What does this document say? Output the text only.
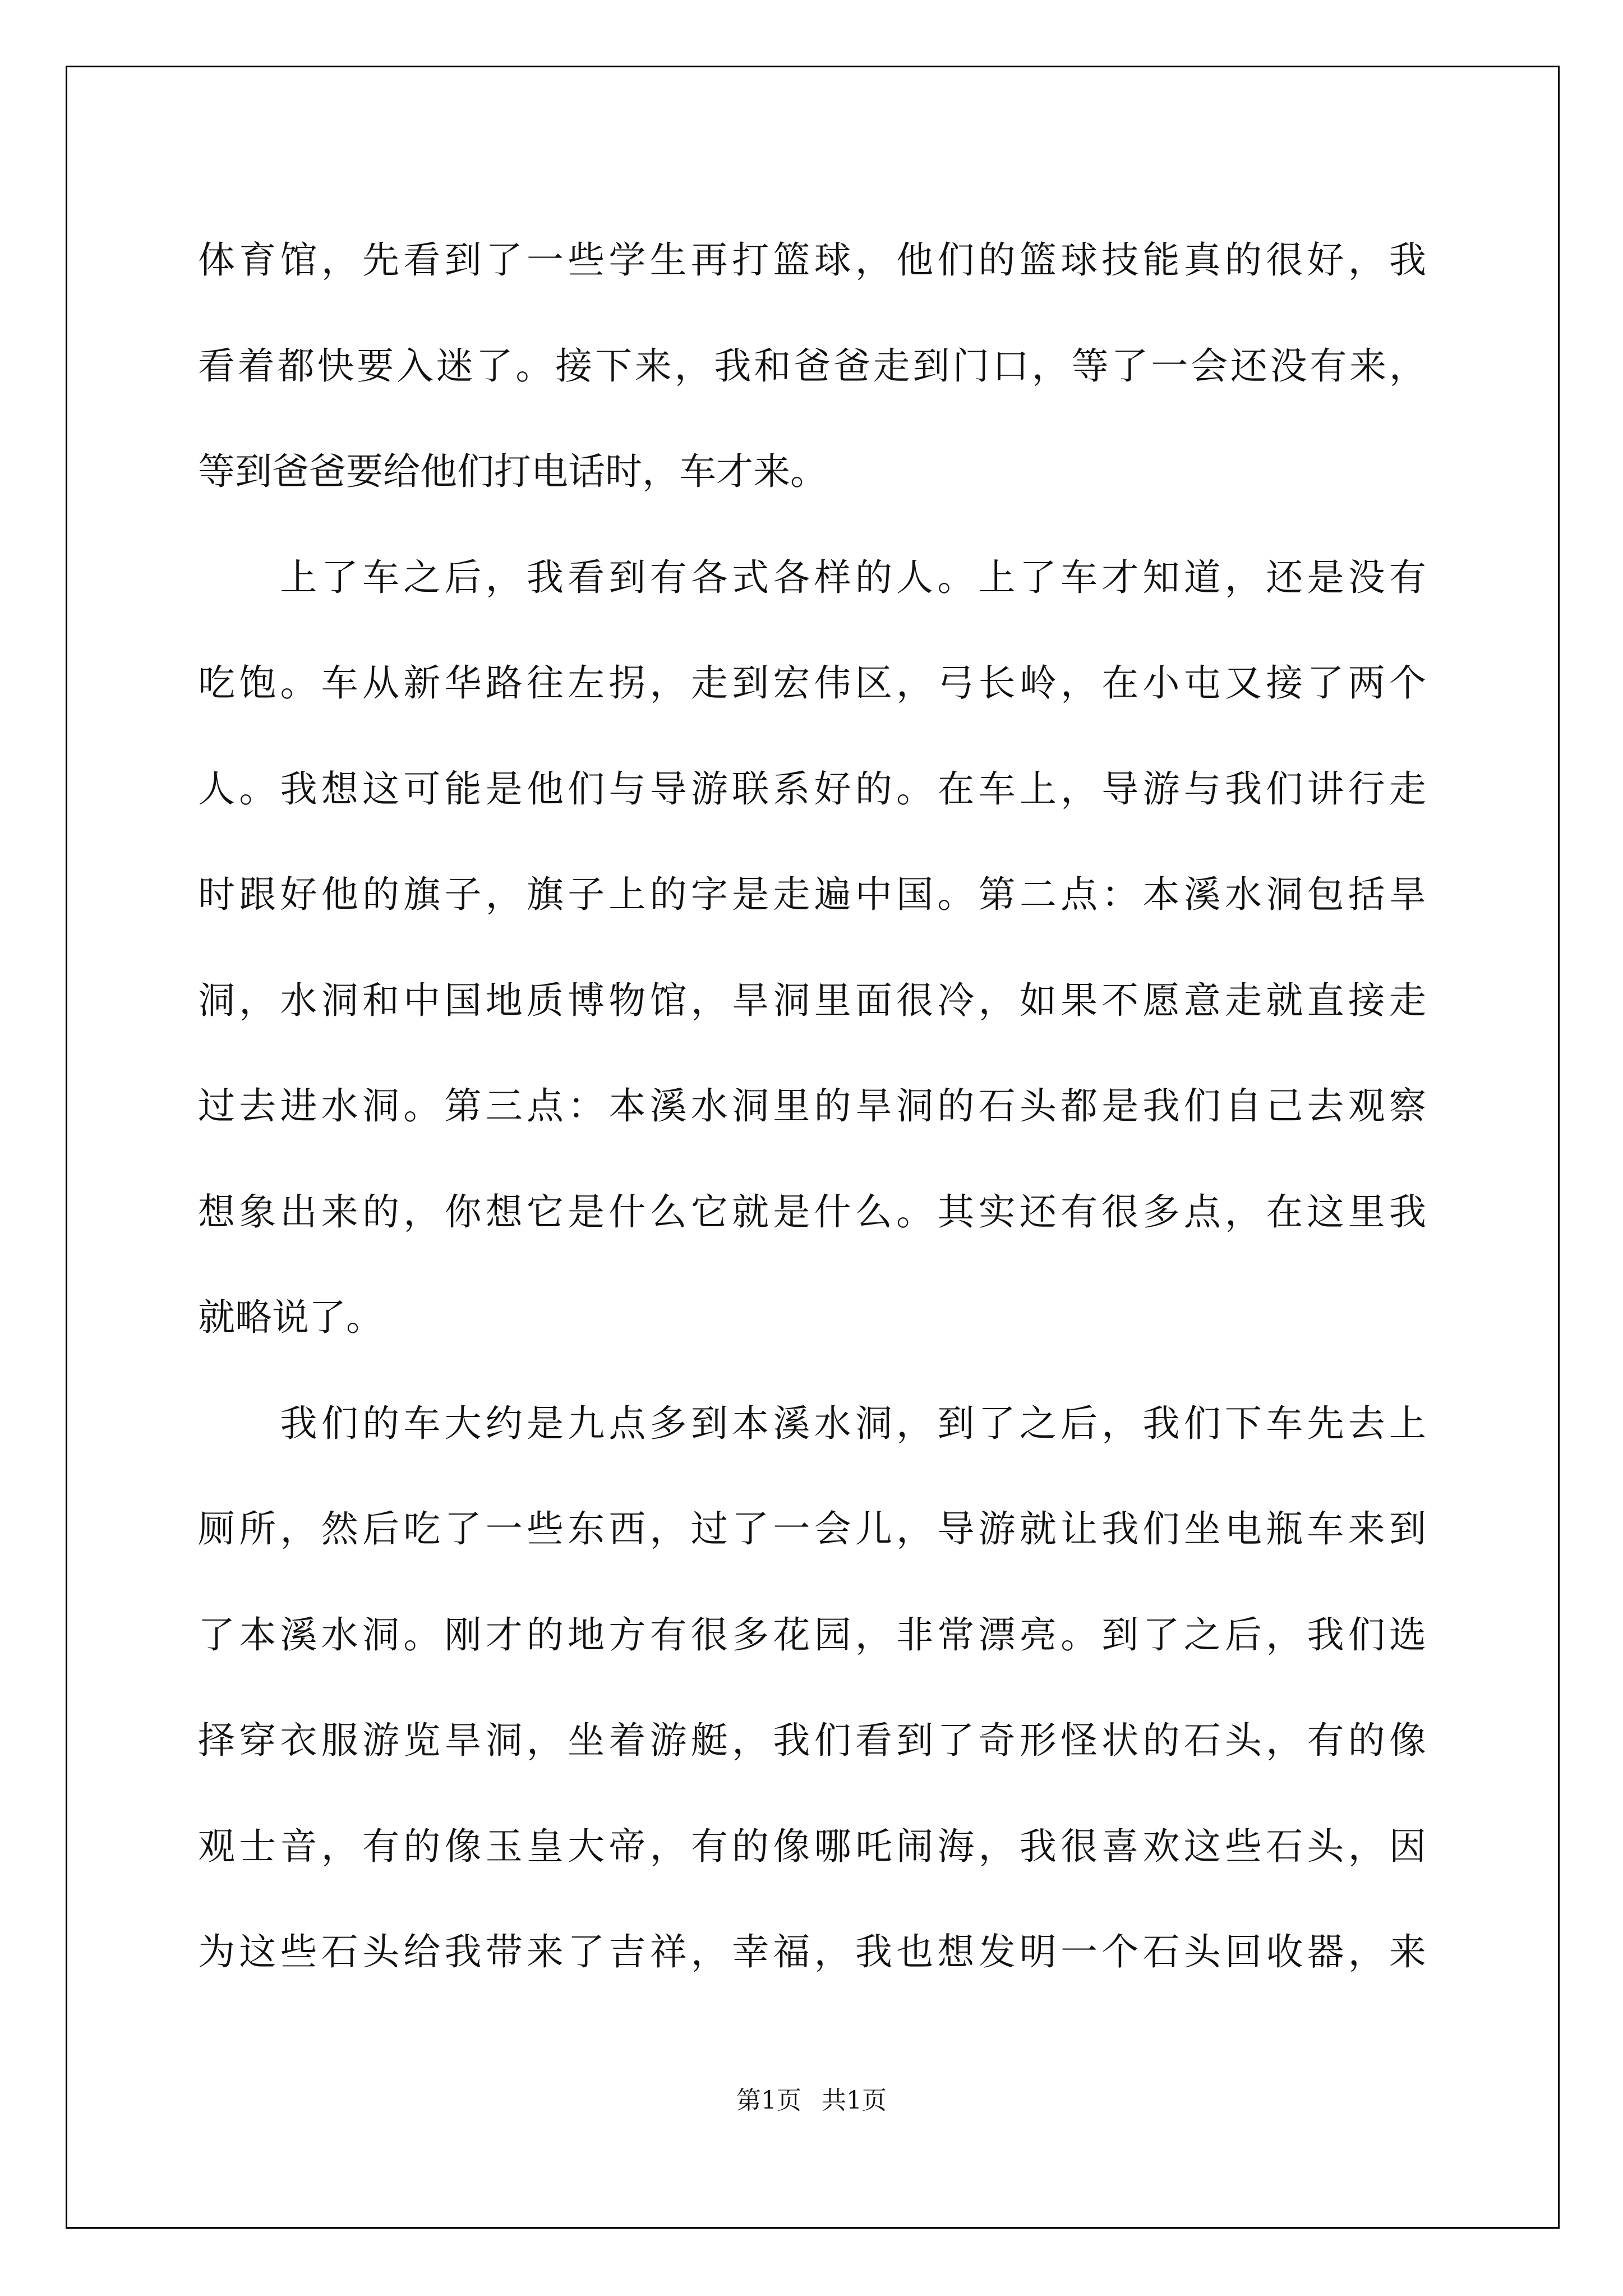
体育馆，先看到了一些学生再打篮球，他们的篮球技能真的很好，我
看着都快要入迷了。接下来，我和爸爸走到门口，等了一会还没有来，
等到爸爸要给他们打电话时，车才来。
　　上了车之后，我看到有各式各样的人。上了车才知道，还是没有
吃饱。车从新华路往左拐，走到宏伟区，弓长岭，在小屯又接了两个
人。我想这可能是他们与导游联系好的。在车上，导游与我们讲行走
时跟好他的旗子，旗子上的字是走遍中国。第二点：本溪水洞包括旱
洞，水洞和中国地质博物馆，旱洞里面很冷，如果不愿意走就直接走
过去进水洞。第三点：本溪水洞里的旱洞的石头都是我们自己去观察
想象出来的，你想它是什么它就是什么。其实还有很多点，在这里我
就略说了。
　　我们的车大约是九点多到本溪水洞，到了之后，我们下车先去上
厕所，然后吃了一些东西，过了一会儿，导游就让我们坐电瓶车来到
了本溪水洞。刚才的地方有很多花园，非常漂亮。到了之后，我们选
择穿衣服游览旱洞，坐着游艇，我们看到了奇形怪状的石头，有的像
观士音，有的像玉皇大帝，有的像哪吒闹海，我很喜欢这些石头，因
为这些石头给我带来了吉祥，幸福，我也想发明一个石头回收器，来
第1页 共1页
